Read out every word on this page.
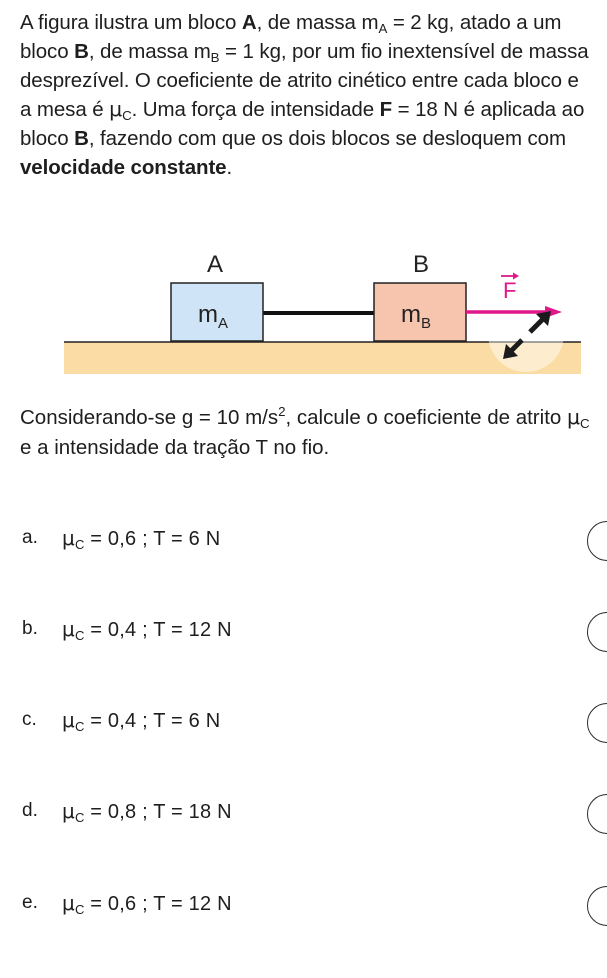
A figura ilustra um bloco A, de massa $m_A = 2$ kg, atado a um bloco B, de massa $m_B = 1$ kg, por um fio inextensível de massa desprezível. O coeficiente de atrito cinético entre cada bloco e a mesa é $\mu_C$. Uma força de intensidade F = 18 N é aplicada ao bloco B, fazendo com que os dois blocos se desloquem com velocidade constante.
$m_A$
A
$m_B$
B
F
Considerando-se g = 10 $m/s^2$, calcule o coeficiente de atrito $\mu_C$ e a intensidade da tração T no fio.
a. $\mu_C = 0,6$ ; T = 6 N
b. $\mu_C = 0,4$ ; T = 12 N
c. $\mu_C = 0,4$ ; T = 6 N
d. $\mu_C = 0,8$ ; T = 18 N
e. $\mu_C = 0,6$ ; T = 12 N
